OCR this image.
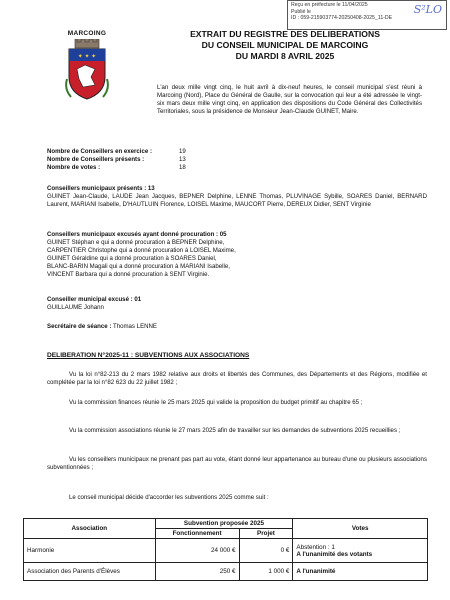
Reçu en préfecture le 11/04/2025
Publié le
ID : 059-215903774-20250408-2025_11-DE
S²LO
MARCOING
✦ ✦ ✦
EXTRAIT DU REGISTRE DES DELIBERATIONS
DU CONSEIL MUNICIPAL DE MARCOING
DU MARDI 8 AVRIL 2025
L'an deux mille vingt cinq, le huit avril à dix-neuf heures, le conseil municipal s'est réuni à Marcoing (Nord), Place du Général de Gaulle, sur la convocation qui leur a été adressée le vingt-six mars deux mille vingt cinq, en application des dispositions du Code Général des Collectivités Territoriales, sous la présidence de Monsieur Jean-Claude GUINET, Maire.
Nombre de Conseillers en exercice :	19
Nombre de Conseillers présents :	13
Nombre de votes :	18
Conseillers municipaux présents : 13
GUINET Jean-Claude, LAUDE Jean Jacques, BEPNER Delphine, LENNE Thomas, PLUVINAGE Sybille, SOARES Daniel, BERNARD Laurent, MARIANI Isabelle, D'HAUTLUIN Florence, LOISEL Maxime, MAUCORT Pierre, DEREUX Didier, SENT Virginie
Conseillers municipaux excusés ayant donné procuration : 05
GUINET Stéphan e qui a donné procuration à BEPNER Delphine,
CARPENTIER Christophe qui a donné procuration à LOISEL Maxime,
GUINET Géraldine qui a donné procuration à SOARES Daniel,
BLANC-BARIN Magali qui a donné procuration à MARIANI Isabelle,
VINCENT Barbara qui a donné procuration à SENT Virginie.
Conseiller municipal excusé : 01
GUILLAUME Johann
Secrétaire de séance : Thomas LENNE
DELIBERATION N°2025-11 : SUBVENTIONS AUX ASSOCIATIONS
Vu la loi n°82-213 du 2 mars 1982 relative aux droits et libertés des Communes, des Départements et des Régions, modifiée et complétée par la loi n°82 623 du 22 juillet 1982 ;
Vu la commission finances réunie le 25 mars 2025 qui valide la proposition du budget primitif au chapitre 65 ;
Vu la commission associations réunie le 27 mars 2025 afin de travailler sur les demandes de subventions 2025 recueillies ;
Vu les conseillers municipaux ne prenant pas part au vote, étant donné leur appartenance au bureau d'une ou plusieurs associations subventionnées ;
Le conseil municipal décide d'accorder les subventions 2025 comme suit :
Association	Subvention proposée 2025		Votes
	Fonctionnement	Projet	
Harmonie	24 000 €	0 €	Abstention : 1
A l'unanimité des votants

Association des Parents d'Élèves	250 €	1 000 €	A l'unanimité
